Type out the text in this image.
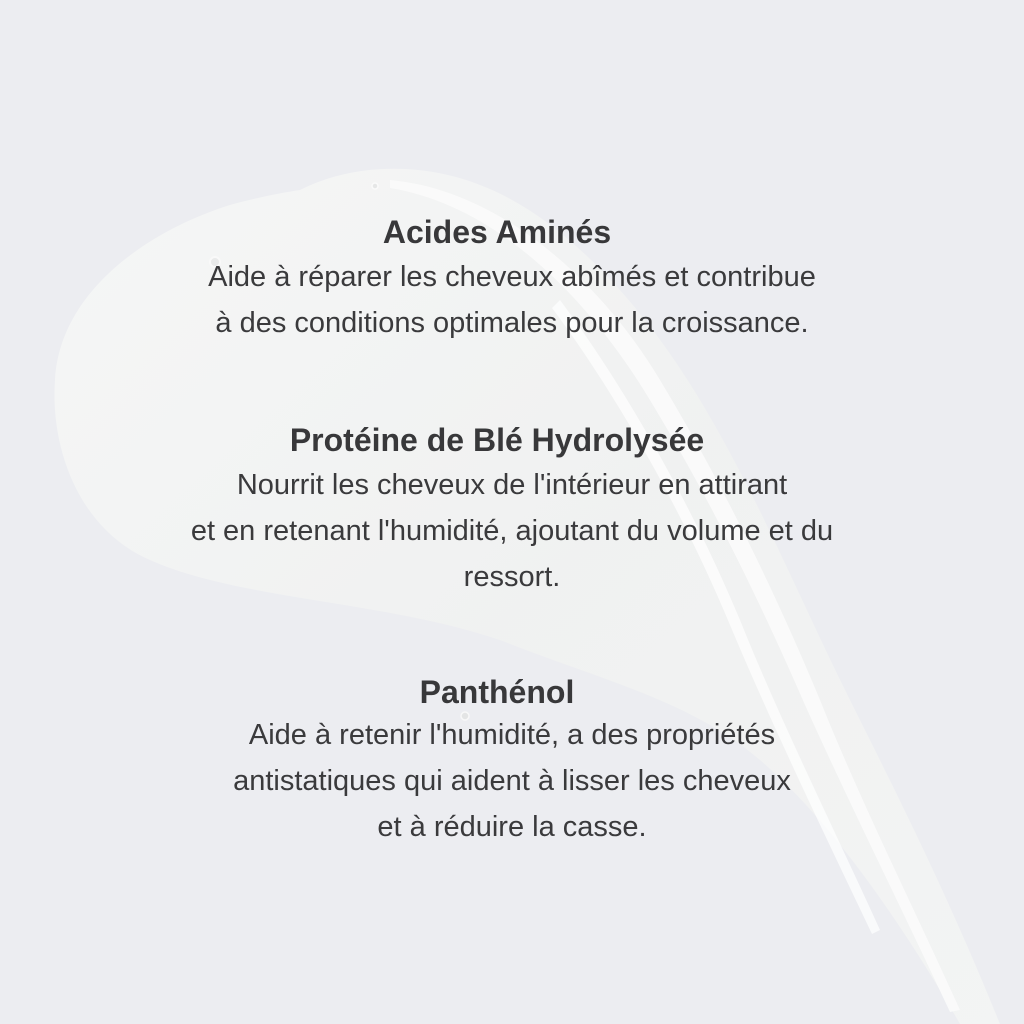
Acides Aminés

Aide à réparer les cheveux abîmés et contribue

à des conditions optimales pour la croissance.

Protéine de Blé Hydrolysée

Nourrit les cheveux de l'intérieur en attirant

et en retenant l'humidité, ajoutant du volume et du

ressort.

Panthénol

Aide à retenir l'humidité, a des propriétés

antistatiques qui aident à lisser les cheveux

et à réduire la casse.
